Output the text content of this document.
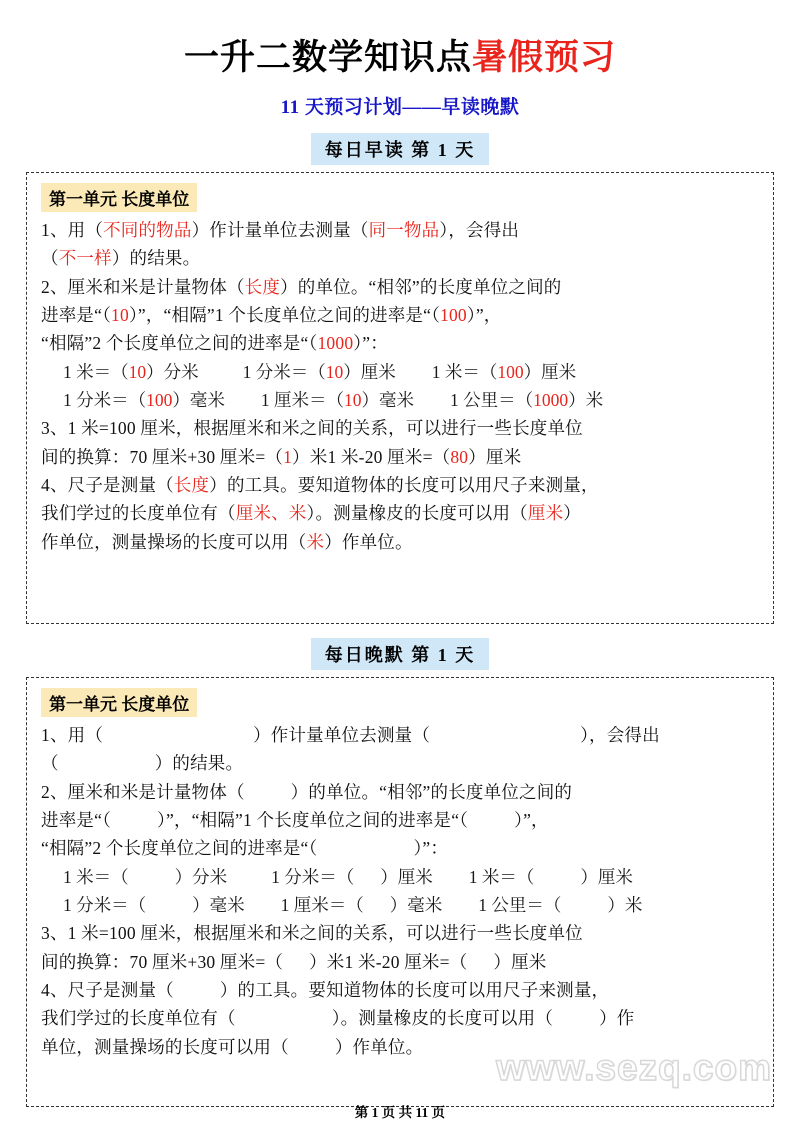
一升二数学知识点暑假预习
11 天预习计划——早读晚默
每日早读 第 1 天
第一单元 长度单位
1、用（不同的物品）作计量单位去测量（同一物品），会得出
（不一样）的结果。
2、厘米和米是计量物体（长度）的单位。“相邻”的长度单位之间的
进率是“（10）”，“相隔”1 个长度单位之间的进率是“（100）”，
“相隔”2 个长度单位之间的进率是“（1000）”：
1 米＝（10）分米	1 分米＝（10）厘米 1 米＝（100）厘米
1 分米＝（100）毫米 1 厘米＝（10）毫米 1 公里＝（1000）米
3、1 米=100 厘米，根据厘米和米之间的关系，可以进行一些长度单位
间的换算：70 厘米+30 厘米=（1）米1 米-20 厘米=（80）厘米
4、尺子是测量（长度）的工具。要知道物体的长度可以用尺子来测量，
我们学过的长度单位有（厘米、米）。测量橡皮的长度可以用（厘米）
作单位，测量操场的长度可以用（米）作单位。
每日晚默 第 1 天
第一单元 长度单位
1、用（	）作计量单位去测量（	），会得出
（	）的结果。
2、厘米和米是计量物体（	）的单位。“相邻”的长度单位之间的
进率是“（	）”，“相隔”1 个长度单位之间的进率是“（	）”，
“相隔”2 个长度单位之间的进率是“（	）”：
1 米＝（	）分米	1 分米＝（ ）厘米 1 米＝（	）厘米
1 分米＝（	）毫米 1 厘米＝（ ）毫米 1 公里＝（	）米
3、1 米=100 厘米，根据厘米和米之间的关系，可以进行一些长度单位
间的换算：70 厘米+30 厘米=（ ）米1 米-20 厘米=（ ）厘米
4、尺子是测量（	）的工具。要知道物体的长度可以用尺子来测量，
我们学过的长度单位有（	）。测量橡皮的长度可以用（	）作
单位，测量操场的长度可以用（	）作单位。
www.sezq.com
第 1 页 共 11 页
